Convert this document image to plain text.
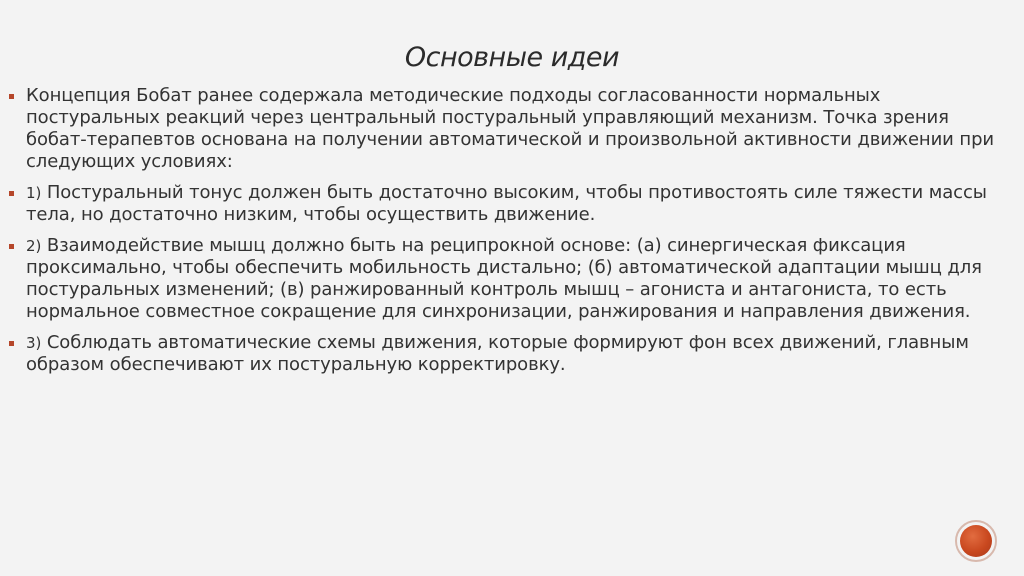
Основные идеи
Концепция Бобат ранее содержала методические подходы согласованности нормальных постуральных реакций через центральный постуральный управляющий механизм. Точка зрения бобат-терапевтов основана на получении автоматической и произвольной активности движении при следующих условиях:
1) Постуральный тонус должен быть достаточно высоким, чтобы противостоять силе тяжести массы тела, но достаточно низким, чтобы осуществить движение.
2) Взаимодействие мышц должно быть на реципрокной основе: (а) синергическая фиксация проксимально, чтобы обеспечить мобильность дистально; (б) автоматической адаптации мышц для постуральных изменений; (в) ранжированный контроль мышц – агониста и антагониста, то есть нормальное совместное сокращение для синхронизации, ранжирования и направления движения.
3) Соблюдать автоматические схемы движения, которые формируют фон всех движений, главным образом обеспечивают их постуральную корректировку.
